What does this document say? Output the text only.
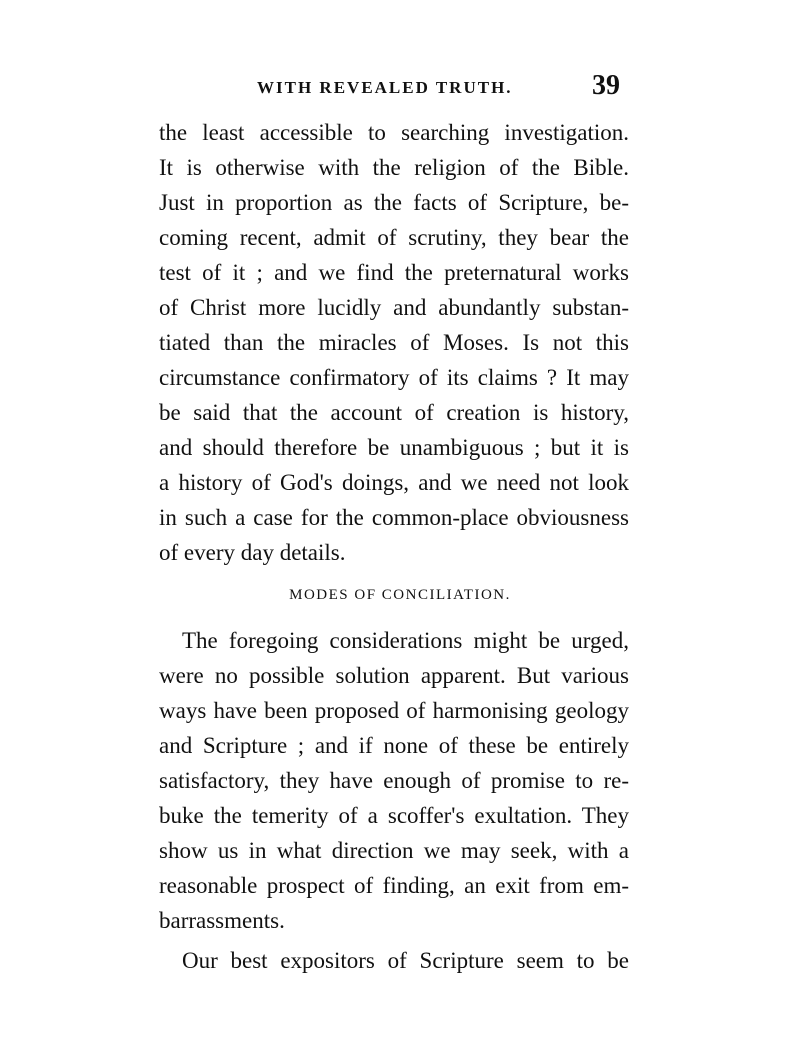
WITH REVEALED TRUTH.	39
the least accessible to searching investigation.
It is otherwise with the religion of the Bible.
Just in proportion as the facts of Scripture, be-
coming recent, admit of scrutiny, they bear the
test of it ; and we find the preternatural works
of Christ more lucidly and abundantly substan-
tiated than the miracles of Moses. Is not this
circumstance confirmatory of its claims ? It may
be said that the account of creation is history,
and should therefore be unambiguous ; but it is
a history of God's doings, and we need not look
in such a case for the common-place obviousness
of every day details.
MODES OF CONCILIATION.
The foregoing considerations might be urged,
were no possible solution apparent. But various
ways have been proposed of harmonising geology
and Scripture ; and if none of these be entirely
satisfactory, they have enough of promise to re-
buke the temerity of a scoffer's exultation. They
show us in what direction we may seek, with a
reasonable prospect of finding, an exit from em-
barrassments.
Our best expositors of Scripture seem to be
